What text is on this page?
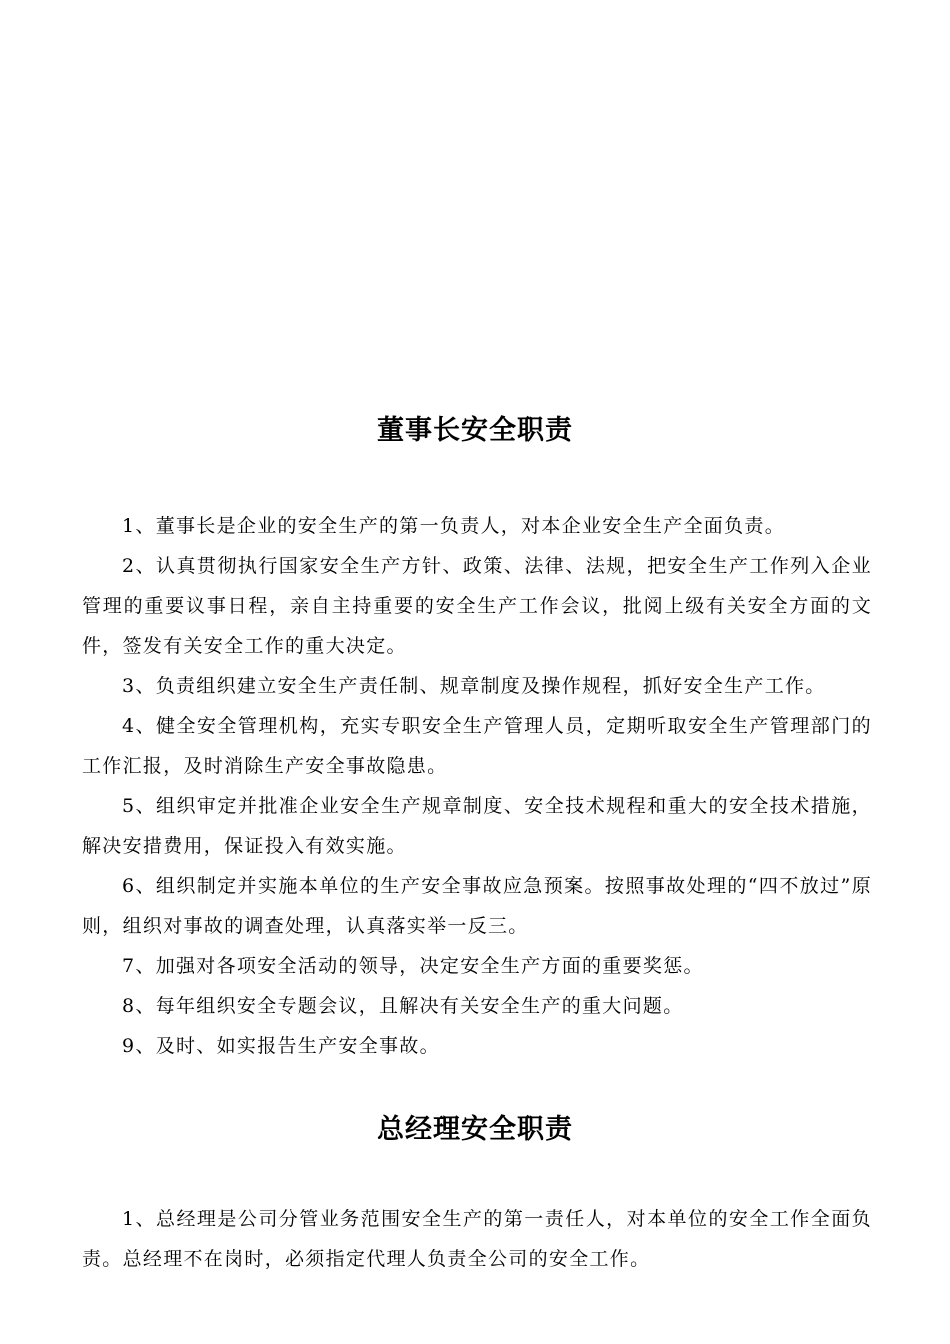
董事长安全职责

1、董事长是企业的安全生产的第一负责人，对本企业安全生产全面负责。

2、认真贯彻执行国家安全生产方针、政策、法律、法规，把安全生产工作列入企业管理的重要议事日程，亲自主持重要的安全生产工作会议，批阅上级有关安全方面的文件，签发有关安全工作的重大决定。

3、负责组织建立安全生产责任制、规章制度及操作规程，抓好安全生产工作。

4、健全安全管理机构，充实专职安全生产管理人员，定期听取安全生产管理部门的工作汇报，及时消除生产安全事故隐患。

5、组织审定并批准企业安全生产规章制度、安全技术规程和重大的安全技术措施，解决安措费用，保证投入有效实施。

6、组织制定并实施本单位的生产安全事故应急预案。按照事故处理的“四不放过”原则，组织对事故的调查处理，认真落实举一反三。

7、加强对各项安全活动的领导，决定安全生产方面的重要奖惩。

8、每年组织安全专题会议，且解决有关安全生产的重大问题。

9、及时、如实报告生产安全事故。

总经理安全职责

1、总经理是公司分管业务范围安全生产的第一责任人，对本单位的安全工作全面负责。总经理不在岗时，必须指定代理人负责全公司的安全工作。
